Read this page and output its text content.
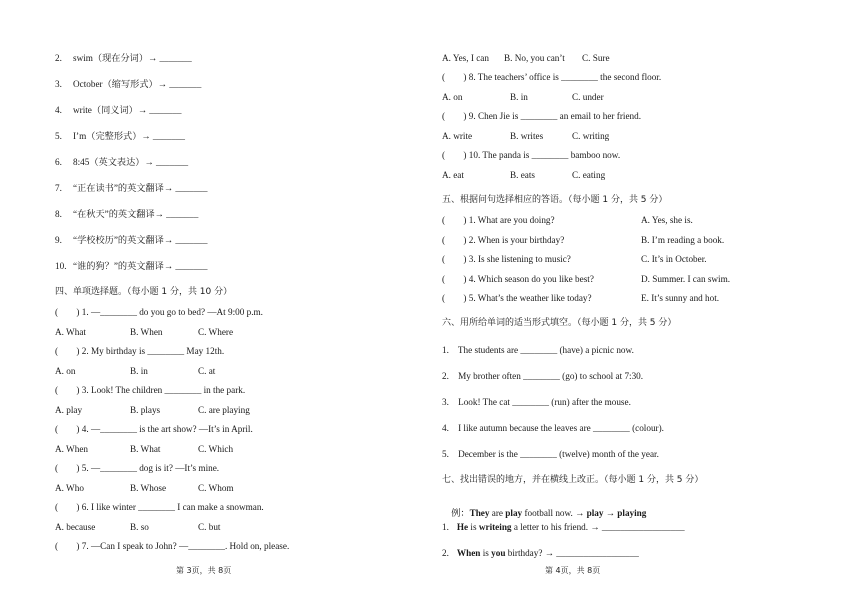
2. swim（现在分词）→ _______
3. October（缩写形式）→ _______
4. write（同义词）→ _______
5. I’m（完整形式）→ _______
6. 8:45（英文表达）→ _______
7. “正在读书”的英文翻译→ _______
8. “在秋天”的英文翻译→ _______
9. “学校校历”的英文翻译→ _______
10. “谁的狗？”的英文翻译→ _______
四、单项选择题。（每小题 1 分，共 10 分）
(        ) 1. —________ do you go to bed? —At 9:00 p.m.
A. What	B. When	C. Where
(        ) 2. My birthday is ________ May 12th.
A. on	B. in	C. at
(        ) 3. Look! The children ________ in the park.
A. play	B. plays	C. are playing
(        ) 4. —________ is the art show? —It’s in April.
A. When	B. What	C. Which
(        ) 5. —________ dog is it? —It’s mine.
A. Who	B. Whose	C. Whom
(        ) 6. I like winter ________ I can make a snowman.
A. because	B. so	C. but
(        ) 7. —Can I speak to John? —________. Hold on, please.
第 3页，共 8页
A. Yes, I can B. No, you can’t C. Sure
(        ) 8. The teachers’ office is ________ the second floor.
A. on	B. in	C. under
(        ) 9. Chen Jie is ________ an email to her friend.
A. write	B. writes	C. writing
(        ) 10. The panda is ________ bamboo now.
A. eat	B. eats	C. eating
五、根据问句选择相应的答语。（每小题 1 分，共 5 分）
(        ) 1. What are you doing?	A. Yes, she is.
(        ) 2. When is your birthday?	B. I’m reading a book.
(        ) 3. Is she listening to music?	C. It’s in October.
(        ) 4. Which season do you like best?	D. Summer. I can swim.
(        ) 5. What’s the weather like today?	E. It’s sunny and hot.
六、用所给单词的适当形式填空。（每小题 1 分，共 5 分）
1.    The students are ________ (have) a picnic now.
2.    My brother often ________ (go) to school at 7:30.
3.    Look! The cat ________ (run) after the mouse.
4.    I like autumn because the leaves are ________ (colour).
5.    December is the ________ (twelve) month of the year.
七、找出错误的地方，并在横线上改正。（每小题 1 分，共 5 分）

例：They are play football now. → play → playing

1. He is writeing a letter to his friend. → __________________
2. When is you birthday? → __________________
第 4页，共 8页
